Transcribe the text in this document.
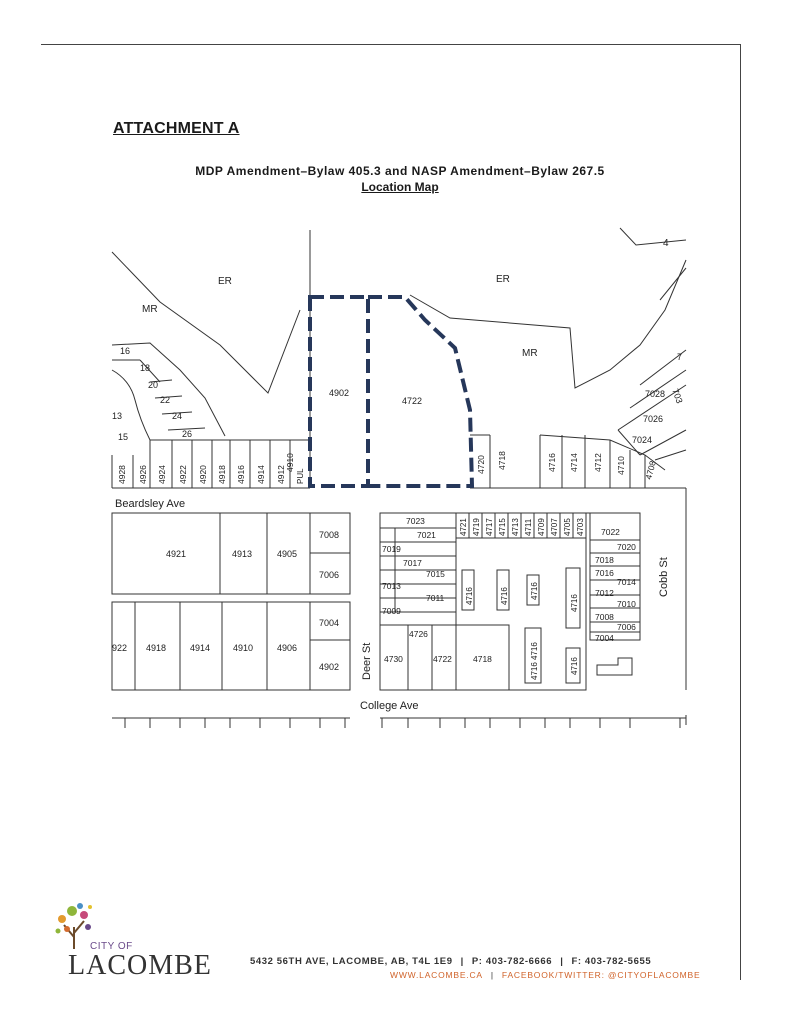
ATTACHMENT A
MDP Amendment–Bylaw 405.3 and NASP Amendment–Bylaw 267.5
Location Map
ER	ER
MR
MR
4
4902
4722
Beardsley Ave
College Ave
Deer St
Cobb St
PUL
16
18
20
22
24
26
13
15
4928 4926 4924 4922 4920 4918 4916 4914 4912
4910	4720 4718	4716 4714 4712 4710 4708
7028 703
7026
7024
7
4921	4913	4905
7008
7006
922 4918	4914	4910	4906
7004
4902
7023
7021
7019
7017
7015
7013
7011
7009
4726
4730	4722 4718
4721 4719 4717 4715 4713 4711 4709 4707 4705 4703
4716	4716	4716
4716
4716 4716	4716
7022
7020
7018
7016
7014
7012
7010
7008
7006
7004
CITY OF
LACOMBE	5432 56TH AVE, LACOMBE, AB, T4L 1E9 | P: 403-782-6666 | F: 403-782-5655
WWW.LACOMBE.CA | FACEBOOK/TWITTER: @CITYOFLACOMBE
